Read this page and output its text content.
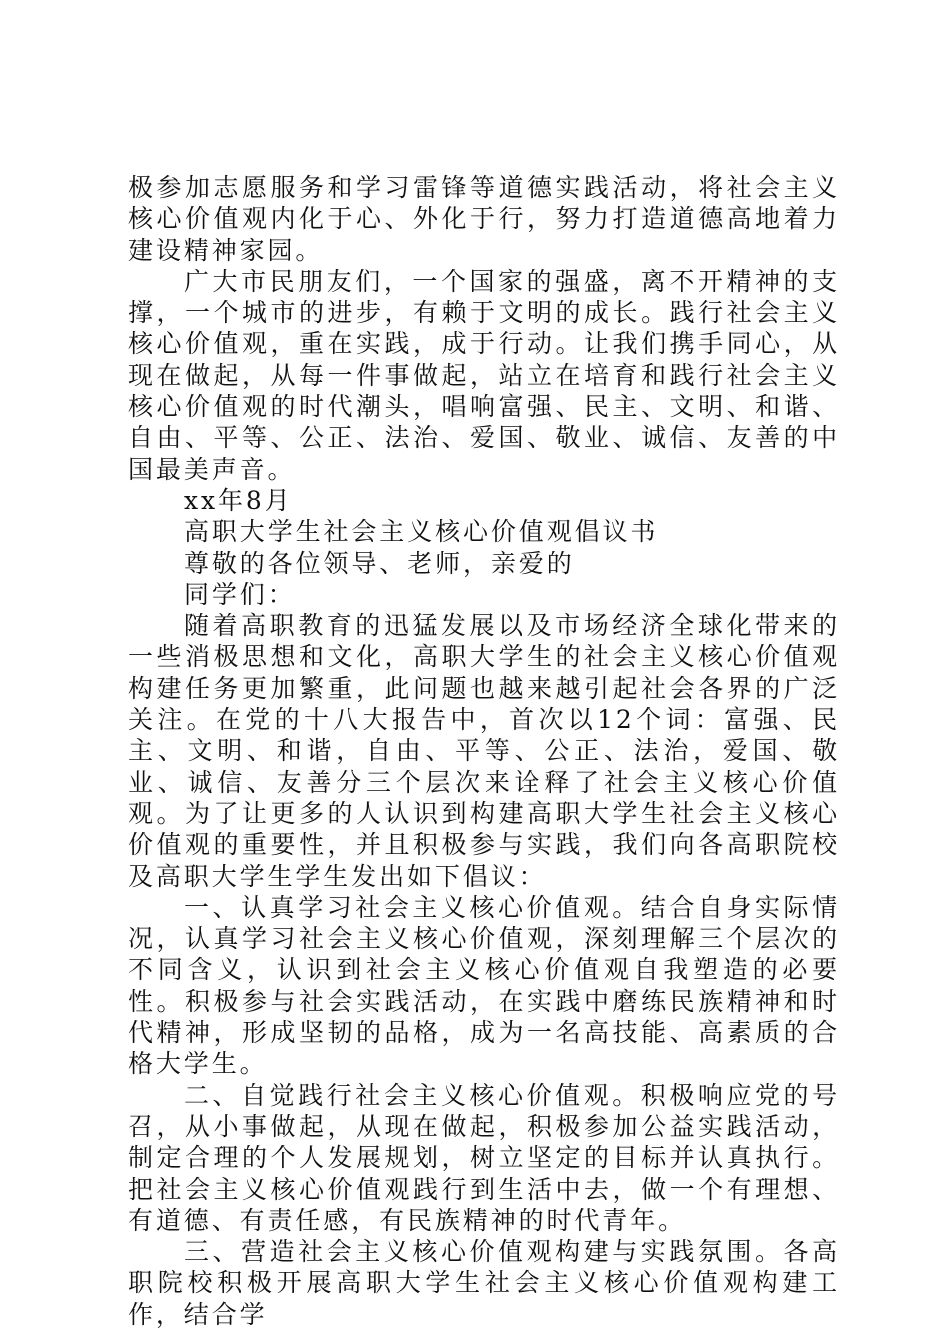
极参加志愿服务和学习雷锋等道德实践活动，将社会主义核心价值观内化于心、外化于行，努力打造道德高地着力建设精神家园。

广大市民朋友们，一个国家的强盛，离不开精神的支撑，一个城市的进步，有赖于文明的成长。践行社会主义核心价值观，重在实践，成于行动。让我们携手同心，从现在做起，从每一件事做起，站立在培育和践行社会主义核心价值观的时代潮头，唱响富强、民主、文明、和谐、自由、平等、公正、法治、爱国、敬业、诚信、友善的中国最美声音。

xx年8月

高职大学生社会主义核心价值观倡议书

尊敬的各位领导、老师，亲爱的

同学们：

随着高职教育的迅猛发展以及市场经济全球化带来的一些消极思想和文化，高职大学生的社会主义核心价值观构建任务更加繁重，此问题也越来越引起社会各界的广泛关注。在党的十八大报告中，首次以12个词：富强、民主、文明、和谐，自由、平等、公正、法治，爱国、敬业、诚信、友善分三个层次来诠释了社会主义核心价值观。为了让更多的人认识到构建高职大学生社会主义核心价值观的重要性，并且积极参与实践，我们向各高职院校及高职大学生学生发出如下倡议：

一、认真学习社会主义核心价值观。结合自身实际情况，认真学习社会主义核心价值观，深刻理解三个层次的不同含义，认识到社会主义核心价值观自我塑造的必要性。积极参与社会实践活动，在实践中磨练民族精神和时代精神，形成坚韧的品格，成为一名高技能、高素质的合格大学生。

二、自觉践行社会主义核心价值观。积极响应党的号召，从小事做起，从现在做起，积极参加公益实践活动，制定合理的个人发展规划，树立坚定的目标并认真执行。把社会主义核心价值观践行到生活中去，做一个有理想、有道德、有责任感，有民族精神的时代青年。

三、营造社会主义核心价值观构建与实践氛围。各高职院校积极开展高职大学生社会主义核心价值观构建工作，结合学
